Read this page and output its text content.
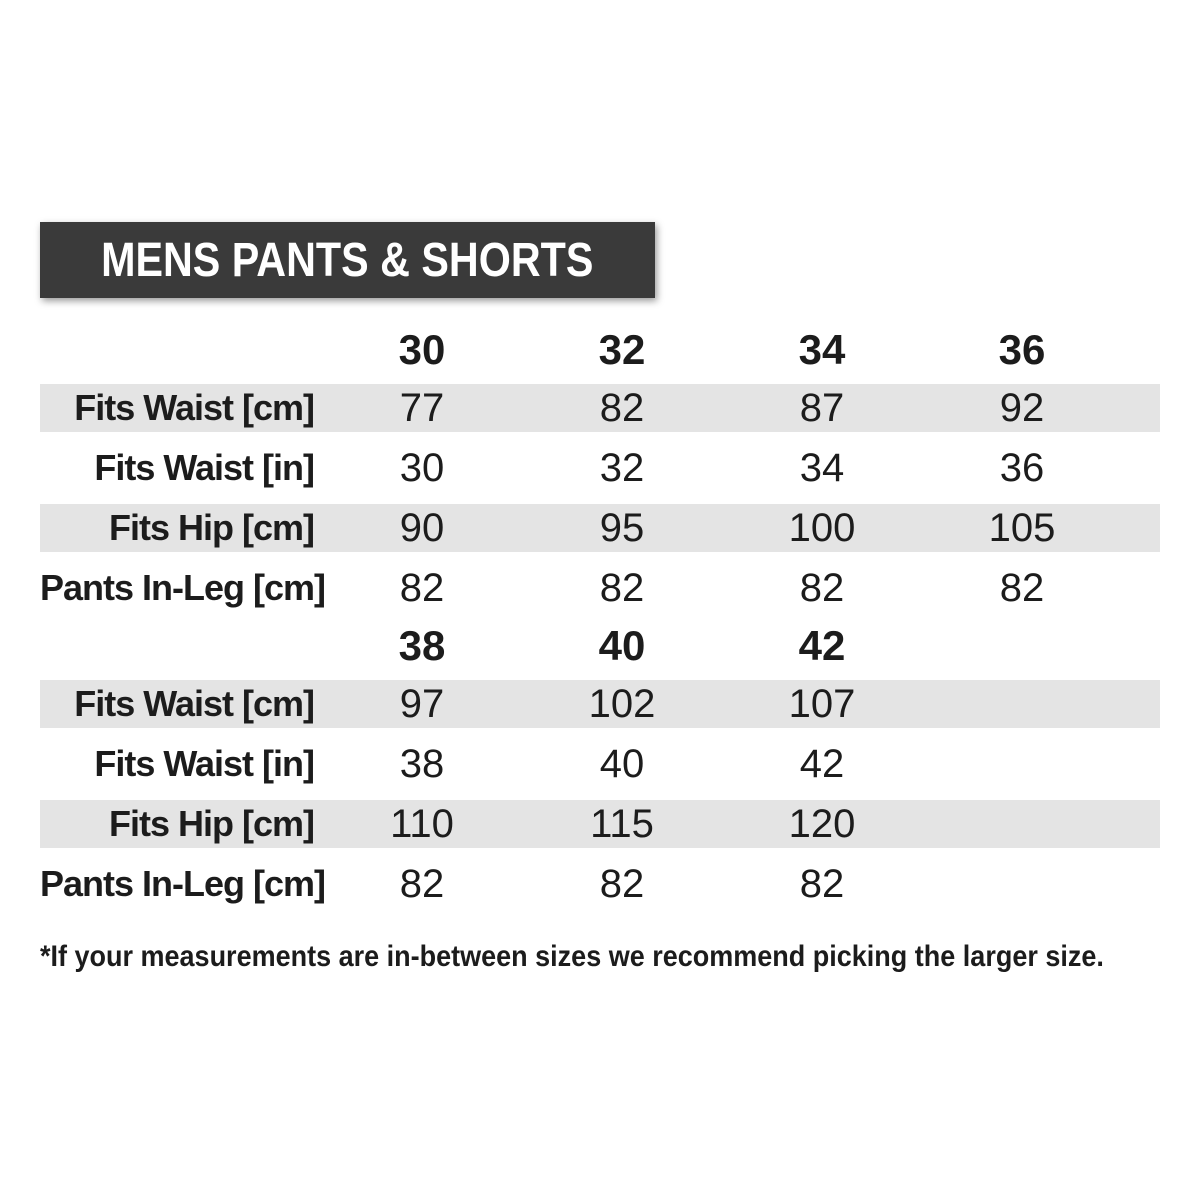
MENS PANTS & SHORTS
30	32	34	36
Fits Waist [cm]	77	82	87	92
Fits Waist [in]	30	32	34	36
Fits Hip [cm]	90	95	100	105
Pants In-Leg [cm]	82	82	82	82
38	40	42
Fits Waist [cm]	97	102	107
Fits Waist [in]	38	40	42
Fits Hip [cm]	110	115	120
Pants In-Leg [cm]	82	82	82
*If your measurements are in-between sizes we recommend picking the larger size.
